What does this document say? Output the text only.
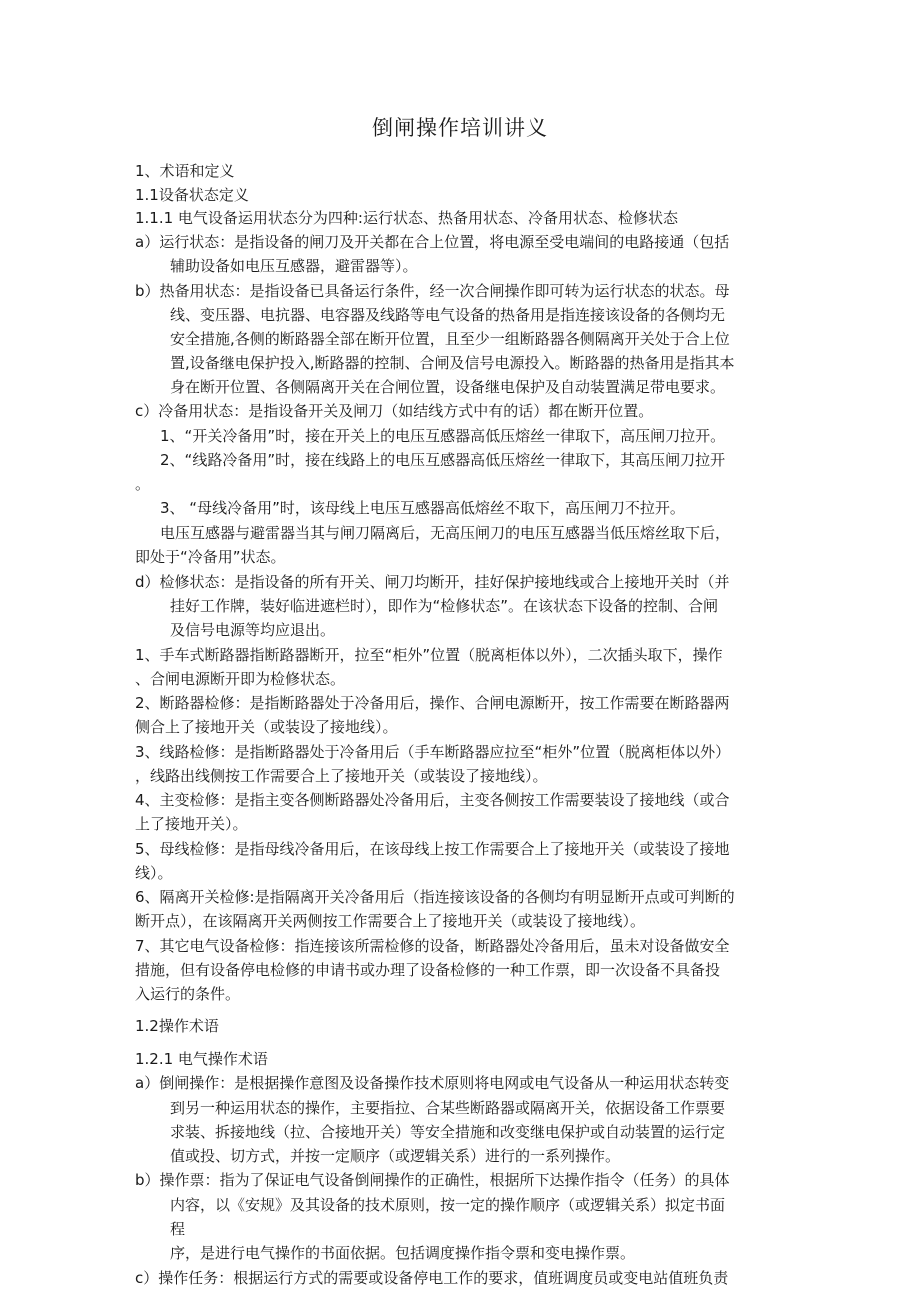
倒闸操作培训讲义
1、术语和定义
1.1设备状态定义
1.1.1 电气设备运用状态分为四种:运行状态、热备用状态、冷备用状态、检修状态
a）运行状态：是指设备的闸刀及开关都在合上位置，将电源至受电端间的电路接通（包括
辅助设备如电压互感器，避雷器等）。
b）热备用状态：是指设备已具备运行条件，经一次合闸操作即可转为运行状态的状态。母
线、变压器、电抗器、电容器及线路等电气设备的热备用是指连接该设备的各侧均无
安全措施,各侧的断路器全部在断开位置，且至少一组断路器各侧隔离开关处于合上位
置,设备继电保护投入,断路器的控制、合闸及信号电源投入。断路器的热备用是指其本
身在断开位置、各侧隔离开关在合闸位置，设备继电保护及自动装置满足带电要求。
c）冷备用状态：是指设备开关及闸刀（如结线方式中有的话）都在断开位置。
1、“开关冷备用”时，接在开关上的电压互感器高低压熔丝一律取下，高压闸刀拉开。
2、“线路冷备用”时，接在线路上的电压互感器高低压熔丝一律取下，其高压闸刀拉开
。
3、 “母线冷备用”时，该母线上电压互感器高低熔丝不取下，高压闸刀不拉开。
电压互感器与避雷器当其与闸刀隔离后，无高压闸刀的电压互感器当低压熔丝取下后，
即处于“冷备用”状态。
d）检修状态：是指设备的所有开关、闸刀均断开，挂好保护接地线或合上接地开关时（并
挂好工作牌，装好临进遮栏时），即作为“检修状态”。在该状态下设备的控制、合闸
及信号电源等均应退出。
1、手车式断路器指断路器断开，拉至“柜外”位置（脱离柜体以外），二次插头取下，操作
、合闸电源断开即为检修状态。
2、断路器检修：是指断路器处于冷备用后，操作、合闸电源断开，按工作需要在断路器两
侧合上了接地开关（或装设了接地线）。
3、线路检修：是指断路器处于冷备用后（手车断路器应拉至“柜外”位置（脱离柜体以外）
，线路出线侧按工作需要合上了接地开关（或装设了接地线）。
4、主变检修：是指主变各侧断路器处冷备用后，主变各侧按工作需要装设了接地线（或合
上了接地开关）。
5、母线检修：是指母线冷备用后，在该母线上按工作需要合上了接地开关（或装设了接地
线）。
6、隔离开关检修:是指隔离开关冷备用后（指连接该设备的各侧均有明显断开点或可判断的
断开点），在该隔离开关两侧按工作需要合上了接地开关（或装设了接地线）。
7、其它电气设备检修：指连接该所需检修的设备，断路器处冷备用后，虽未对设备做安全
措施，但有设备停电检修的申请书或办理了设备检修的一种工作票，即一次设备不具备投
入运行的条件。
1.2操作术语
1.2.1 电气操作术语
a）倒闸操作：是根据操作意图及设备操作技术原则将电网或电气设备从一种运用状态转变
到另一种运用状态的操作，主要指拉、合某些断路器或隔离开关，依据设备工作票要
求装、拆接地线（拉、合接地开关）等安全措施和改变继电保护或自动装置的运行定
值或投、切方式，并按一定顺序（或逻辑关系）进行的一系列操作。
b）操作票：指为了保证电气设备倒闸操作的正确性，根据所下达操作指令（任务）的具体
内容，以《安规》及其设备的技术原则，按一定的操作顺序（或逻辑关系）拟定书面
程
序，是进行电气操作的书面依据。包括调度操作指令票和变电操作票。
c）操作任务：根据运行方式的需要或设备停电工作的要求，值班调度员或变电站值班负责
